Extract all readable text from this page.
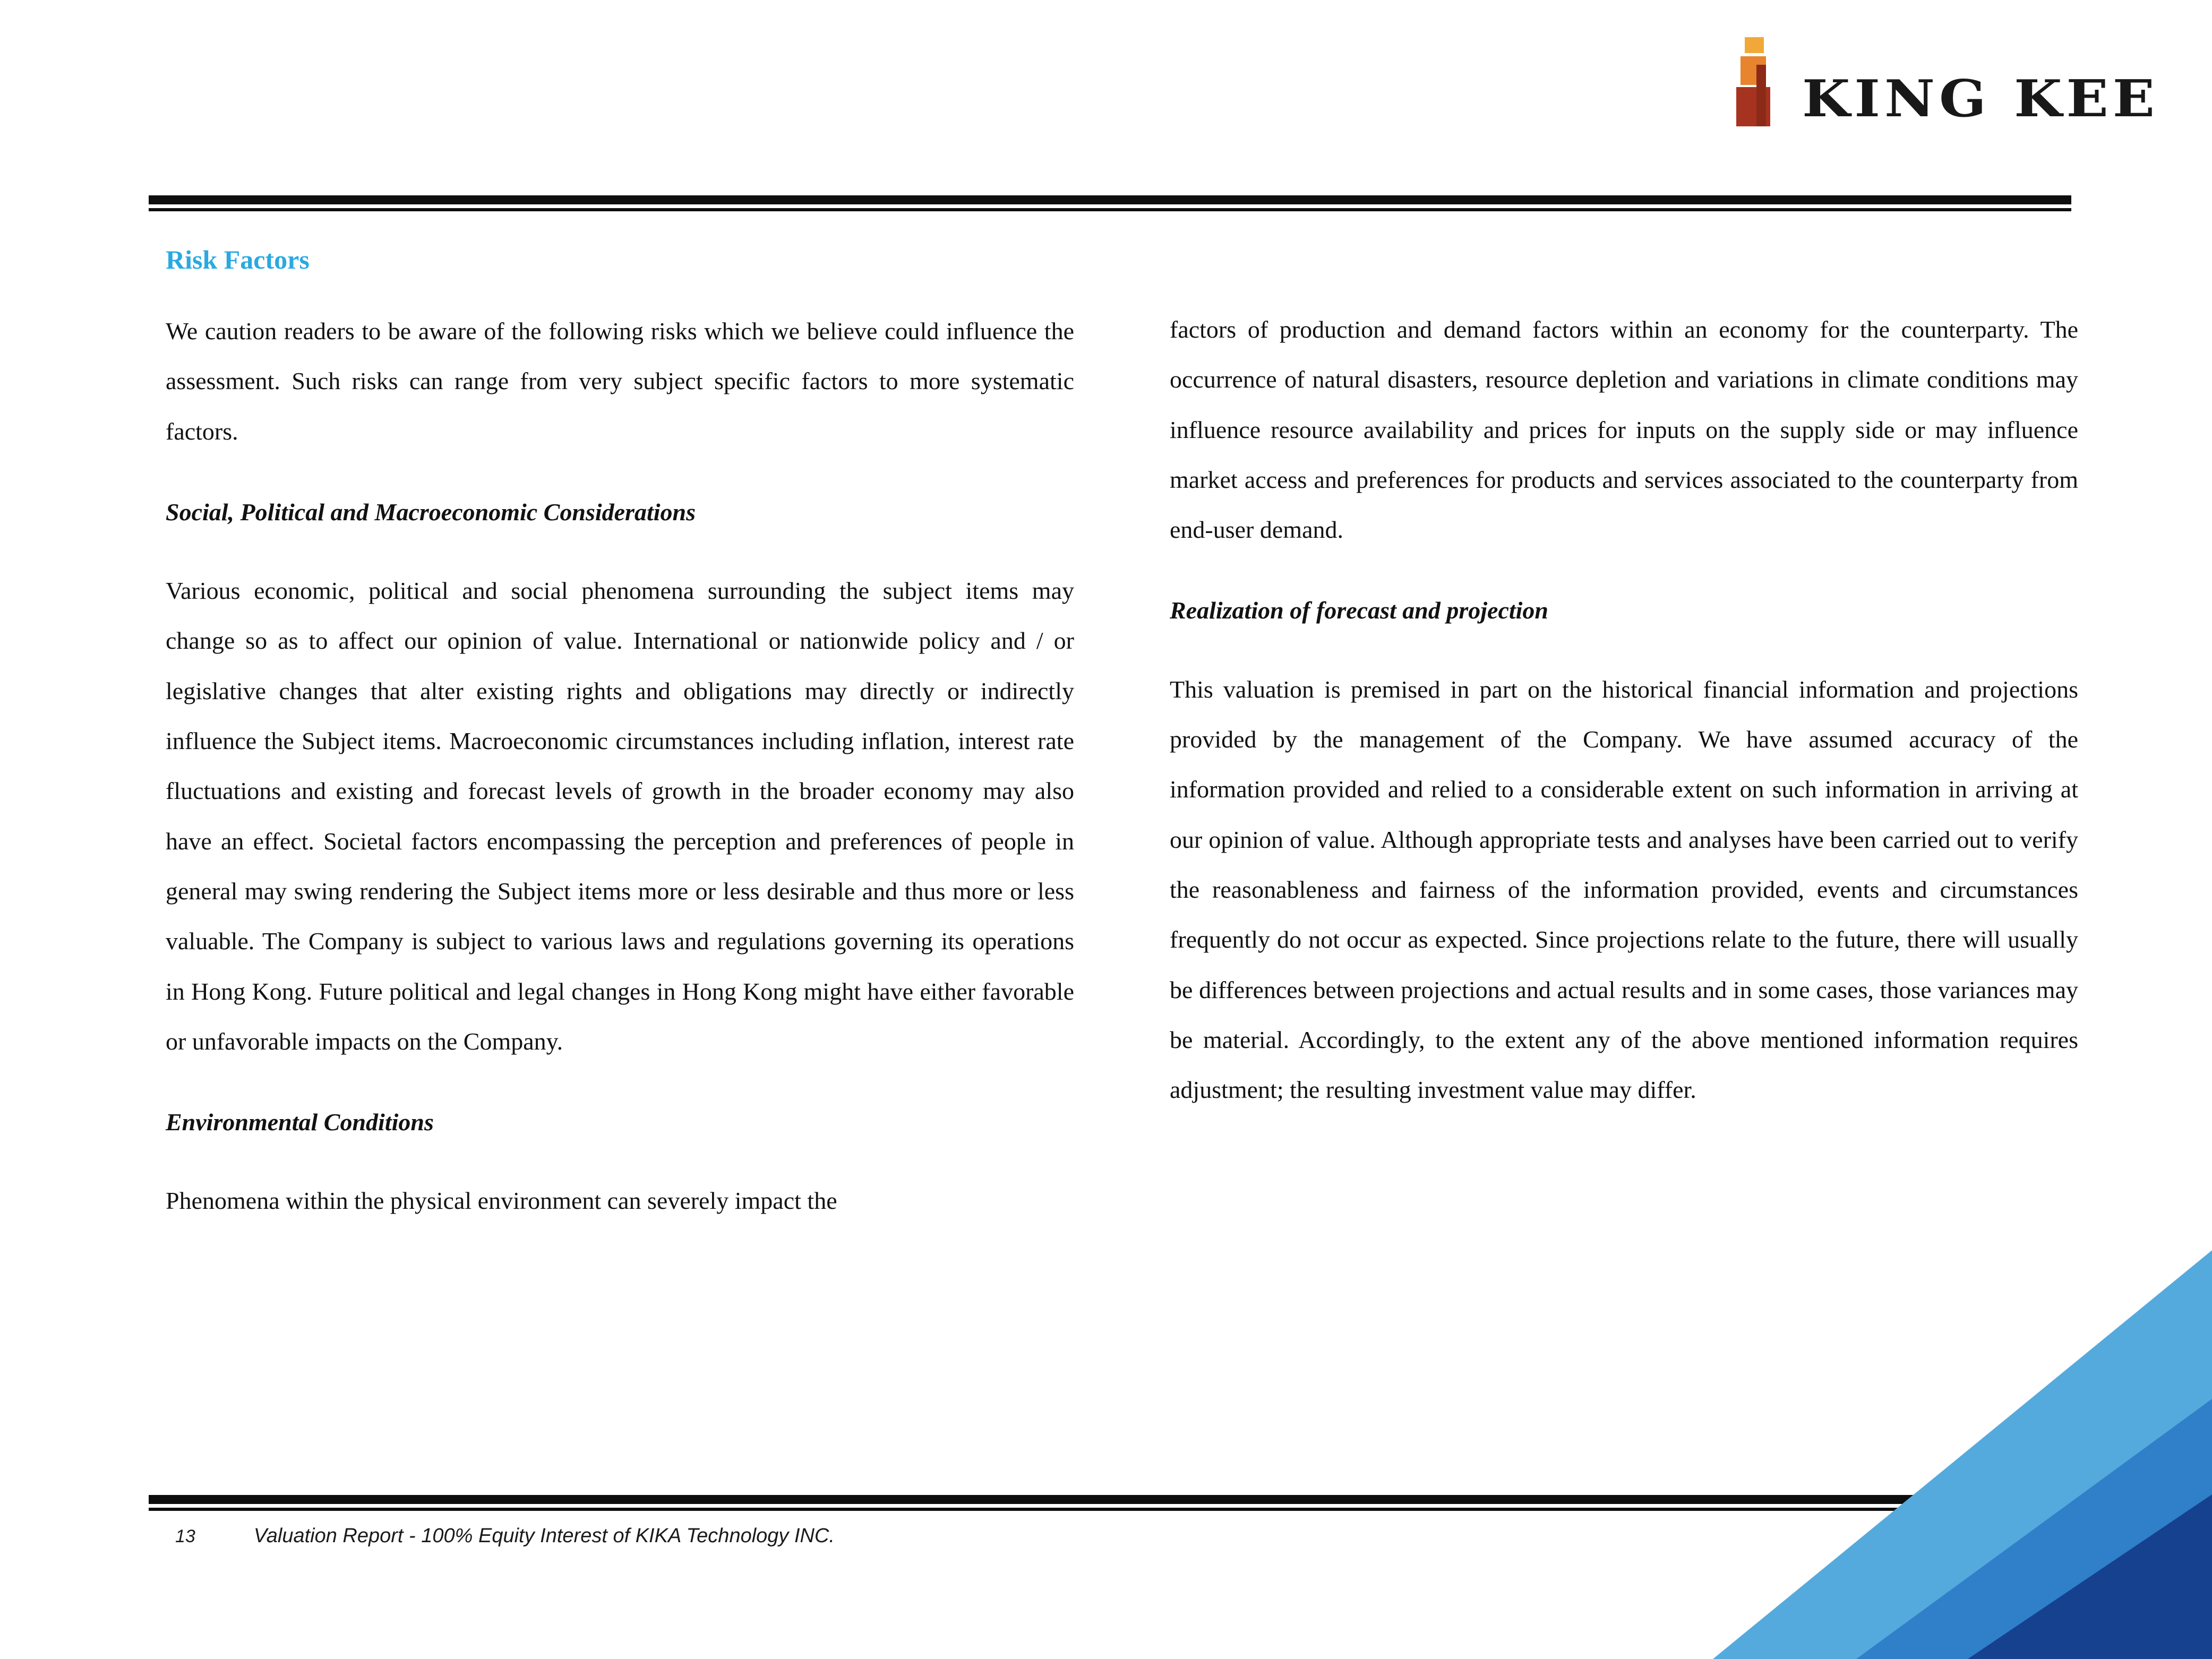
KING KEE
Risk Factors

We caution readers to be aware of the following risks which we believe could influence the assessment. Such risks can range from very subject specific factors to more systematic factors.

Social, Political and Macroeconomic Considerations

Various economic, political and social phenomena surrounding the subject items may change so as to affect our opinion of value. International or nationwide policy and / or legislative changes that alter existing rights and obligations may directly or indirectly influence the Subject items. Macroeconomic circumstances including inflation, interest rate fluctuations and existing and forecast levels of growth in the broader economy may also have an effect. Societal factors encompassing the perception and preferences of people in general may swing rendering the Subject items more or less desirable and thus more or less valuable. The Company is subject to various laws and regulations governing its operations in Hong Kong. Future political and legal changes in Hong Kong might have either favorable or unfavorable impacts on the Company.

Environmental Conditions

Phenomena within the physical environment can severely impact the

factors of production and demand factors within an economy for the counterparty. The occurrence of natural disasters, resource depletion and variations in climate conditions may influence resource availability and prices for inputs on the supply side or may influence market access and preferences for products and services associated to the counterparty from end-user demand.

Realization of forecast and projection

This valuation is premised in part on the historical financial information and projections provided by the management of the Company. We have assumed accuracy of the information provided and relied to a considerable extent on such information in arriving at our opinion of value. Although appropriate tests and analyses have been carried out to verify the reasonableness and fairness of the information provided, events and circumstances frequently do not occur as expected. Since projections relate to the future, there will usually be differences between projections and actual results and in some cases, those variances may be material. Accordingly, to the extent any of the above mentioned information requires adjustment; the resulting investment value may differ.

13	Valuation Report - 100% Equity Interest of KIKA Technology INC.
